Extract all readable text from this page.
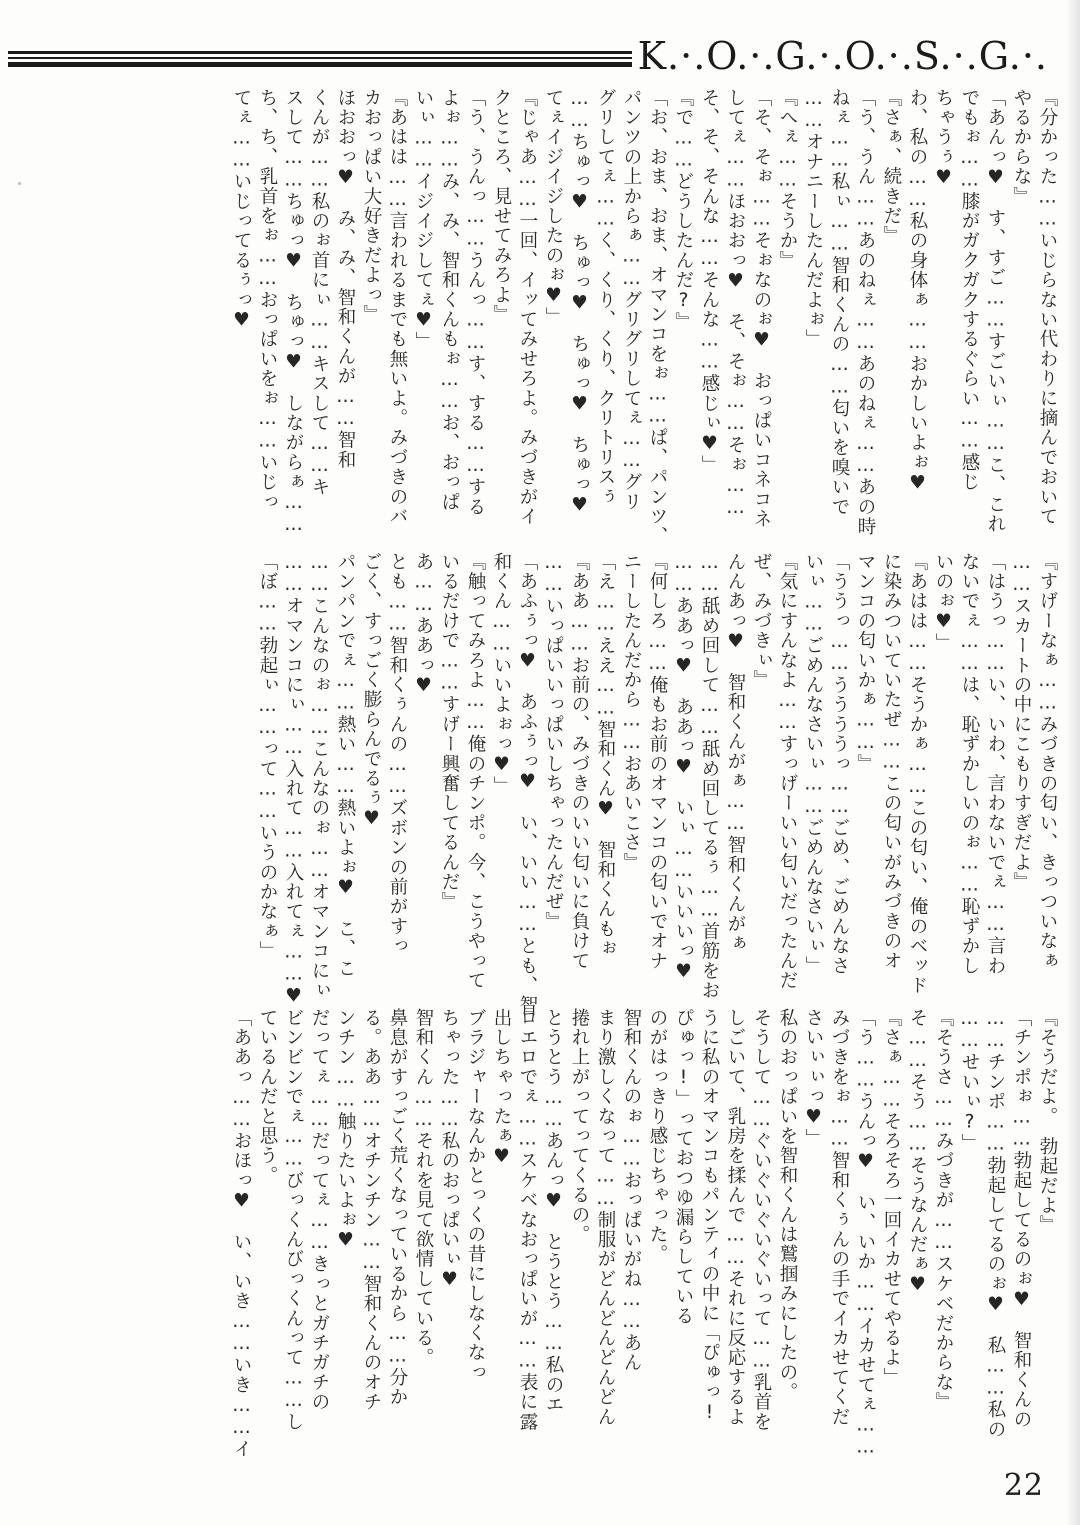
K.·.O.·.G.·.O.·.S.·.G.·.
『分かった……いじらない代わりに摘んでおいて
やるからな』
「あんっ♥　す、すご……すごいぃ……こ、これ
でもぉ……膝がガクガクするぐらい……感じ
ちゃうぅ♥
わ、私の……私の身体ぁ……おかしいよぉ♥
『さぁ、続きだ』
「う、うん……あのねぇ……あのねぇ……あの時
ねぇ……私ぃ……智和くんの……匂いを嗅いで
……オナニーしたんだよぉ」
『へぇ……そうか』
「そ、そぉ……そぉなのぉ♥　おっぱいコネコネ
してぇ……ほおおっ♥　そ、そぉ……そぉ……
そ、そ、そんな……そんな……感じぃ♥」
『で……どうしたんだ?』
「お、おま、おま、オマンコをぉ……ぱ、パンツ、
パンツの上からぁ……グリグリしてぇ……グリ
グリしてぇ……く、くり、くり、クリトリスぅ
……ちゅっ♥　ちゅっ♥　ちゅっ♥　ちゅっ♥
てぇイジイジしたのぉ♥」
『じゃあ……一回、イッてみせろよ。みづきがイ
クところ、見せてみろよ』
「う、うんっ……うんっ……す、する……する
よぉ……み、み、智和くんもぉ……お、おっぱ
いぃ……イジイジしてぇ♥」
『あはは……言われるまでも無いよ。みづきのバ
カおっぱい大好きだよっ』
ほおおっ♥　み、み、智和くんが……智和
くんが……私のぉ首にぃ……キスして……キ
スして……ちゅっ♥　ちゅっ♥　しながらぁ……
ち、ち、乳首をぉ……おっぱいをぉ……いじっ
てぇ……いじってるぅっ♥
『すげーなぁ……みづきの匂い、きっついなぁ
……スカートの中にこもりすぎだよ』
「はうっ……い、いわ、言わないでぇ……言わ
ないでぇ……は、恥ずかしいのぉ……恥ずかし
いのぉ♥」
『あはは……そうかぁ……この匂い、俺のベッド
に染みついていたぜ……この匂いがみづきのオ
マンコの匂いかぁ……』
「ううっ……ううううっ……ごめ、ごめんなさ
いぃ……ごめんなさいぃ……ごめんなさいぃ」
『気にすんなよ……すっげーいい匂いだったんだ
ぜ、みづきぃ』
んんあっ♥　智和くんがぁ……智和くんがぁ
……舐め回して……舐め回してるぅ……首筋をお
……ああっ♥　ああっ♥　いぃ……いいいっ♥
『何しろ……俺もお前のオマンコの匂いでオナ
ニーしたんだから……おあいこさ』
「え……ええ……智和くん♥　智和くんもぉ
『ああ……お前の、みづきのいい匂いに負けて
……いっぱいいっぱいしちゃったんだぜ』
「あふぅっ♥　あふぅっ♥　い、いい……とも、智
和くん……いいよぉっ♥」
『触ってみろよ……俺のチンポ。今、こうやって
いるだけで……すげー興奮してるんだ』
あ……ああっ♥
とも……智和くぅんの……ズボンの前がすっ
ごく、すっごく膨らんでるぅ♥
パンパンでぇ……熱い……熱いよぉ♥　こ、こ
……こんなのぉ……こんなのぉ……オマンコにぃ
……オマンコにぃ……入れて……入れてぇ……♥
「ぼ……勃起ぃ……って……いうのかなぁ」
『そうだよ。　勃起だよ』
「チンポぉ……勃起してるのぉ♥　智和くんの
……チンポ……勃起してるのぉ♥　私……私の
……せいぃ?」
『そうさ……みづきが……スケベだからな』
そ……そう……そうなんだぁ♥
『さぁ……そろそろ一回イカせてやるよ」
「う……うんっ♥　い、いか……イカせてぇ……
みづきをぉ……智和くぅんの手でイカせてくだ
さいぃぃっ♥」
私のおっぱいを智和くんは鷲掴みにしたの。
そうして……ぐいぐいぐいぐいって……乳首を
しごいて、乳房を揉んで……それに反応するよ
うに私のオマンコもパンティの中に「ぴゅっ!
ぴゅっ!」っておつゆ漏らしている
のがはっきり感じちゃった。
智和くんのぉ……おっぱいがね……あん
まり激しくなって……制服がどんどんどんどん
捲れ上がってってくるの。
とうとう……あんっ♥　とうとう……私のエ
ロエロでぇ……スケベなおっぱいが……表に露
出しちゃったぁ♥
ブラジャーなんかとっくの昔にしなくなっ
ちゃった……私のおっぱいぃ♥
智和くん……それを見て欲情している。
鼻息がすっごく荒くなっているから……分か
る。ああ……オチンチン……智和くんのオチ
ンチン……触りたいよぉ♥
だってぇ……だってぇ……きっとガチガチの
ビンビンでぇ……びっくんびっくんって……し
ているんだと思う。
「ああっ……おほっ♥　い、いき……いき……イ
22
